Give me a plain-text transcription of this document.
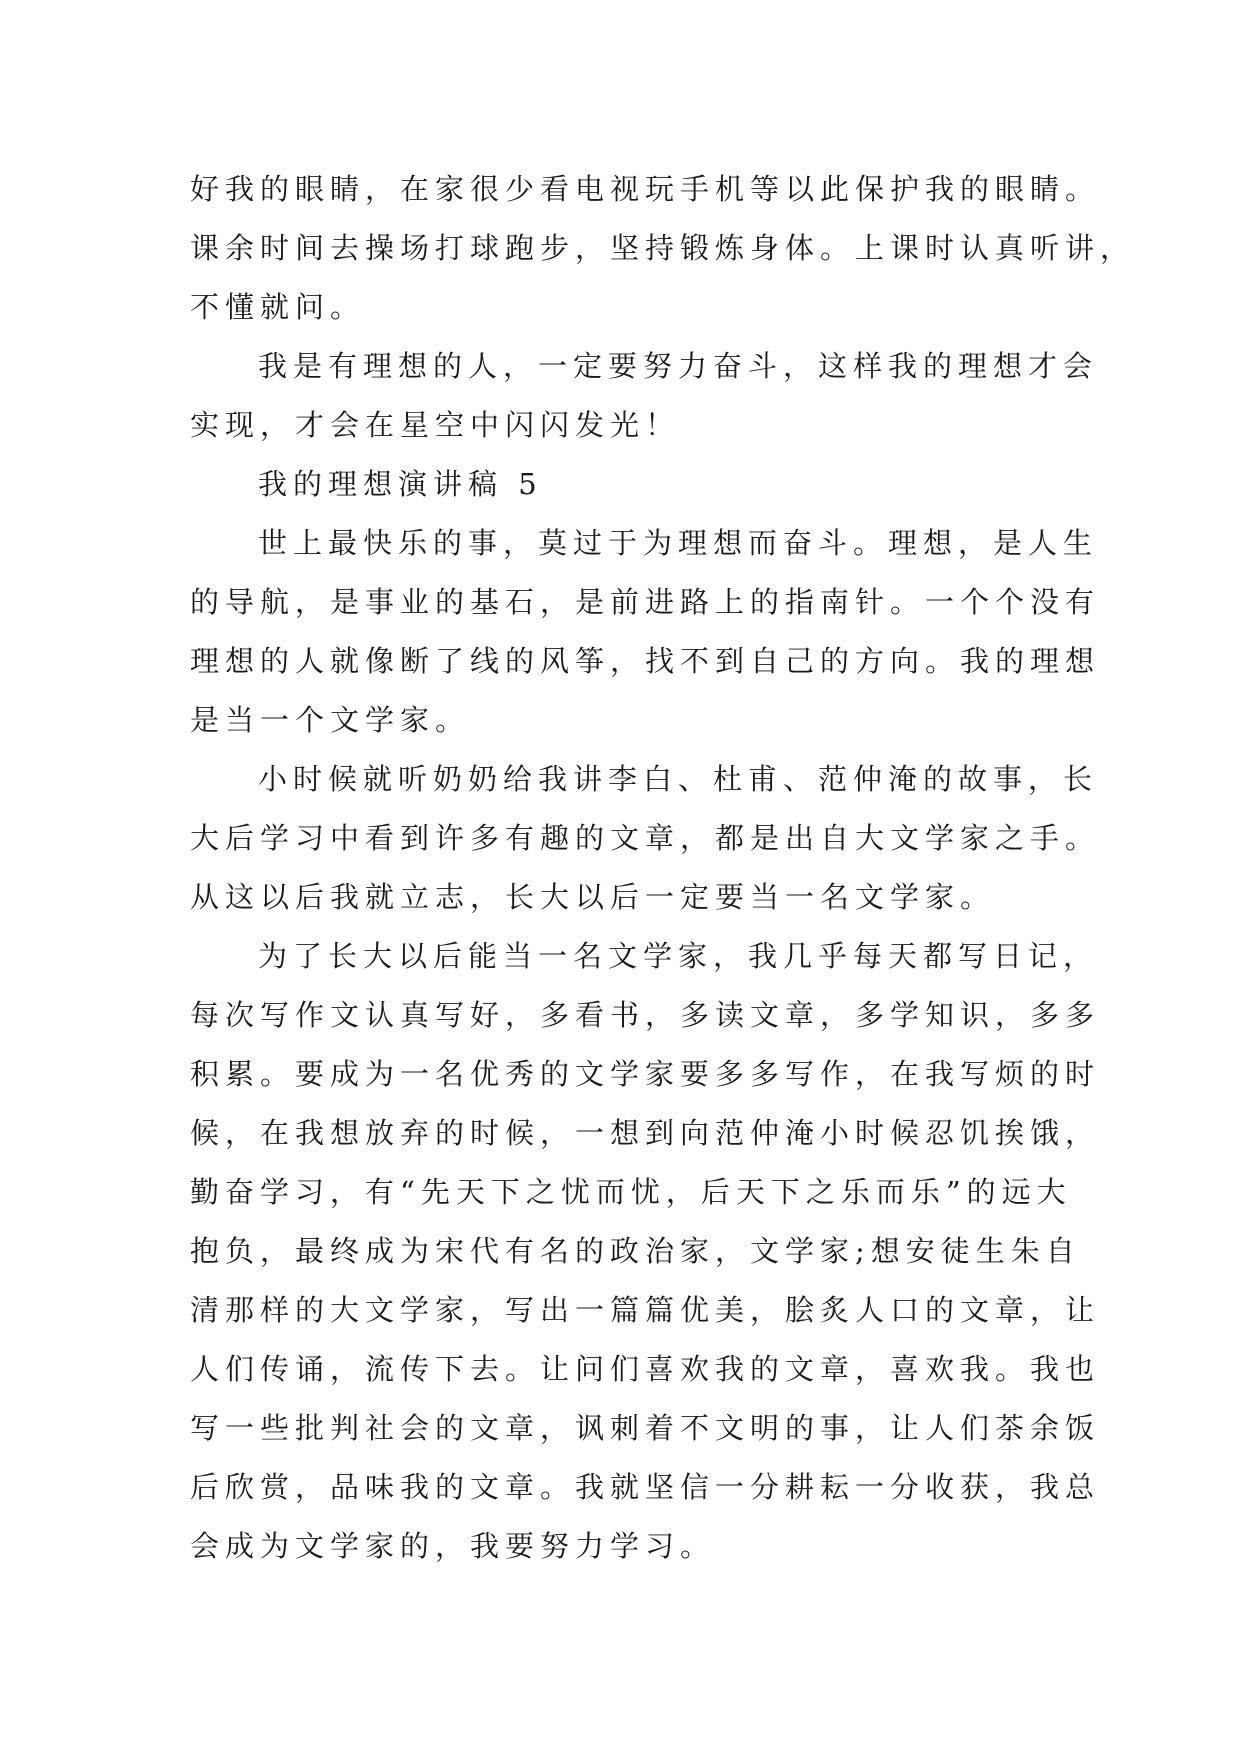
好我的眼睛，在家很少看电视玩手机等以此保护我的眼睛。
课余时间去操场打球跑步，坚持锻炼身体。上课时认真听讲，
不懂就问。
我是有理想的人，一定要努力奋斗，这样我的理想才会
实现，才会在星空中闪闪发光！
我的理想演讲稿 5
世上最快乐的事，莫过于为理想而奋斗。理想，是人生
的导航，是事业的基石，是前进路上的指南针。一个个没有
理想的人就像断了线的风筝，找不到自己的方向。我的理想
是当一个文学家。
小时候就听奶奶给我讲李白、杜甫、范仲淹的故事，长
大后学习中看到许多有趣的文章，都是出自大文学家之手。
从这以后我就立志，长大以后一定要当一名文学家。
为了长大以后能当一名文学家，我几乎每天都写日记，
每次写作文认真写好，多看书，多读文章，多学知识，多多
积累。要成为一名优秀的文学家要多多写作，在我写烦的时
候，在我想放弃的时候，一想到向范仲淹小时候忍饥挨饿，
勤奋学习，有“先天下之忧而忧，后天下之乐而乐”的远大
抱负，最终成为宋代有名的政治家，文学家;想安徒生朱自
清那样的大文学家，写出一篇篇优美，脍炙人口的文章，让
人们传诵，流传下去。让问们喜欢我的文章，喜欢我。我也
写一些批判社会的文章，讽刺着不文明的事，让人们茶余饭
后欣赏，品味我的文章。我就坚信一分耕耘一分收获，我总
会成为文学家的，我要努力学习。
